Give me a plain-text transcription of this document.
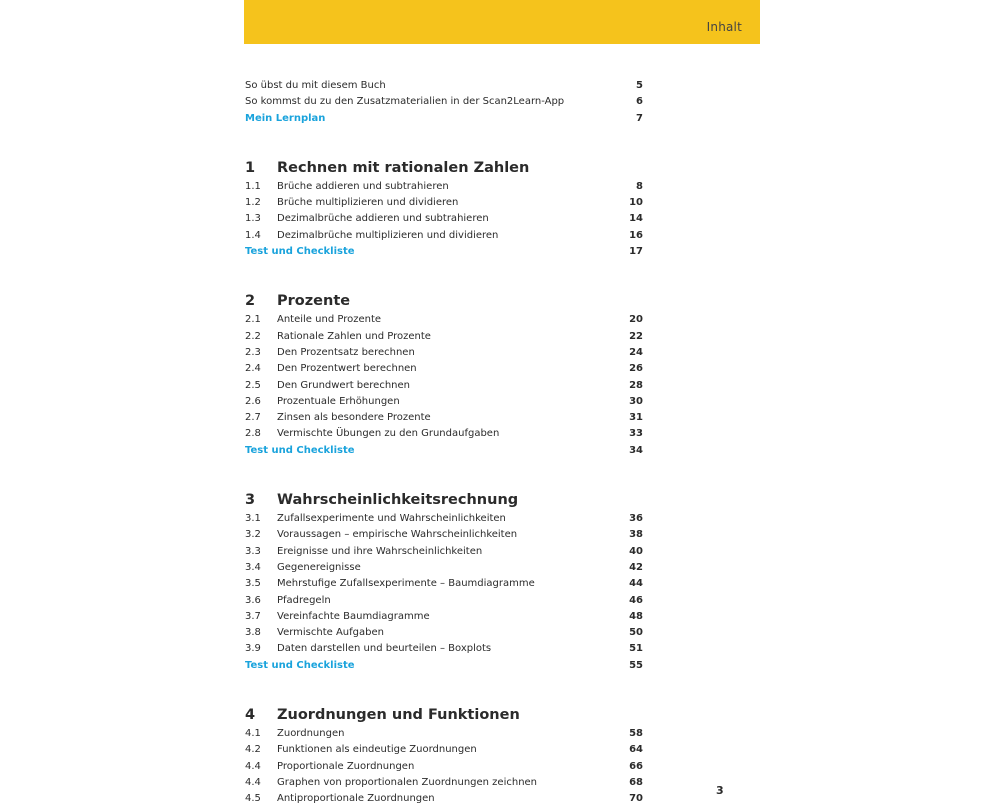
Inhalt
So übst du mit diesem Buch	5
So kommst du zu den Zusatzmaterialien in der Scan2Learn-App	6
Mein Lernplan	7
1 Rechnen mit rationalen Zahlen
1.1	Brüche addieren und subtrahieren	8
1.2	Brüche multiplizieren und dividieren	10
1.3	Dezimalbrüche addieren und subtrahieren	14
1.4	Dezimalbrüche multiplizieren und dividieren	16
Test und Checkliste	17
2 Prozente
2.1	Anteile und Prozente	20
2.2	Rationale Zahlen und Prozente	22
2.3	Den Prozentsatz berechnen	24
2.4	Den Prozentwert berechnen	26
2.5	Den Grundwert berechnen	28
2.6	Prozentuale Erhöhungen	30
2.7	Zinsen als besondere Prozente	31
2.8	Vermischte Übungen zu den Grundaufgaben	33
Test und Checkliste	34
3 Wahrscheinlichkeitsrechnung
3.1	Zufallsexperimente und Wahrscheinlichkeiten	36
3.2	Voraussagen – empirische Wahrscheinlichkeiten	38
3.3	Ereignisse und ihre Wahrscheinlichkeiten	40
3.4	Gegenereignisse	42
3.5	Mehrstufige Zufallsexperimente – Baumdiagramme	44
3.6	Pfadregeln	46
3.7	Vereinfachte Baumdiagramme	48
3.8	Vermischte Aufgaben	50
3.9	Daten darstellen und beurteilen – Boxplots	51
Test und Checkliste	55
4 Zuordnungen und Funktionen
4.1	Zuordnungen	58
4.2	Funktionen als eindeutige Zuordnungen	64
4.4	Proportionale Zuordnungen	66
4.4	Graphen von proportionalen Zuordnungen zeichnen	68
4.5	Antiproportionale Zuordnungen	70
3
